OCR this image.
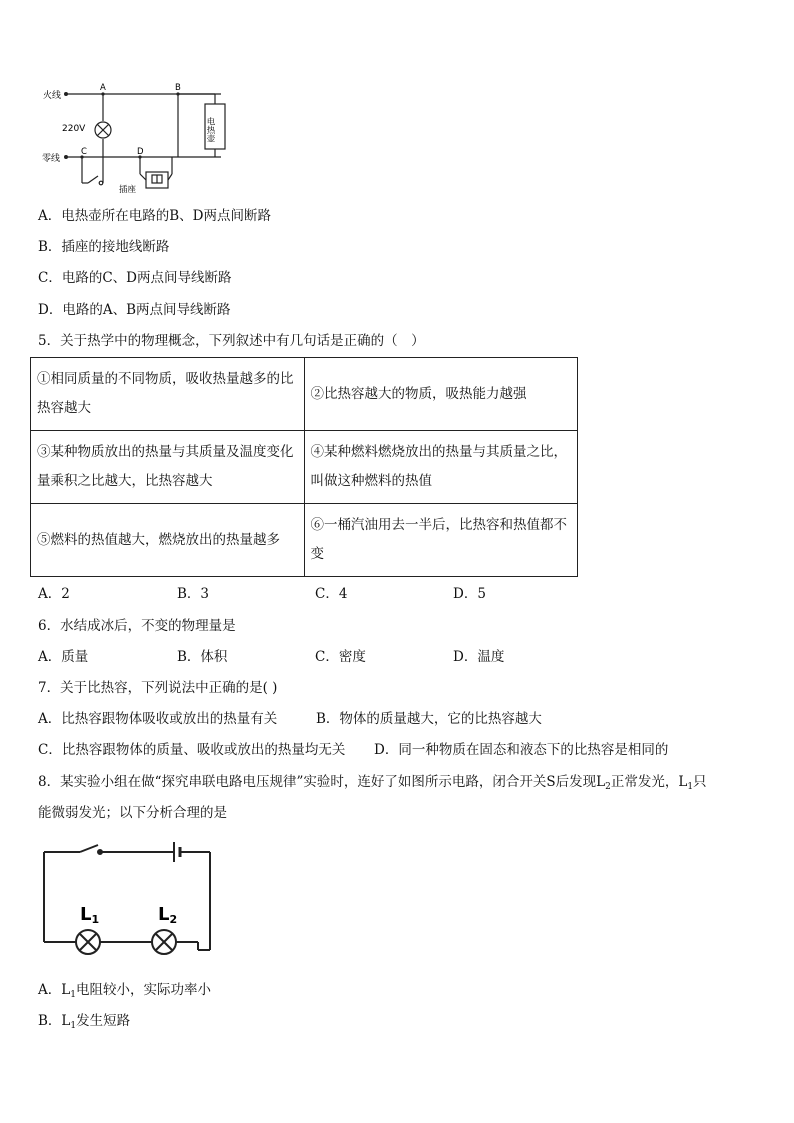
火线
零线
220V
A	B
C	D
电热壶
插座
A．电热壶所在电路的B、D两点间断路
B．插座的接地线断路
C．电路的C、D两点间导线断路
D．电路的A、B两点间导线断路
5．关于热学中的物理概念，下列叙述中有几句话是正确的（　）
①相同质量的不同物质，吸收热量越多的比热容越大	②比热容越大的物质，吸热能力越强
③某种物质放出的热量与其质量及温度变化量乘积之比越大，比热容越大	④某种燃料燃烧放出的热量与其质量之比，叫做这种燃料的热值
⑤燃料的热值越大，燃烧放出的热量越多	⑥一桶汽油用去一半后，比热容和热值都不变
A．2	B．3	C．4	D．5
6．水结成冰后，不变的物理量是
A．质量	B．体积	C．密度	D．温度
7．关于比热容，下列说法中正确的是( )
A．比热容跟物体吸收或放出的热量有关	B．物体的质量越大，它的比热容越大
C．比热容跟物体的质量、吸收或放出的热量均无关 D．同一种物质在固态和液态下的比热容是相同的
8．某实验小组在做“探究串联电路电压规律”实验时，连好了如图所示电路，闭合开关S后发现$L_2$正常发光，$L_1$只
能微弱发光；以下分析合理的是
L1	L2
A．$L_1$电阻较小，实际功率小
B．$L_1$发生短路
